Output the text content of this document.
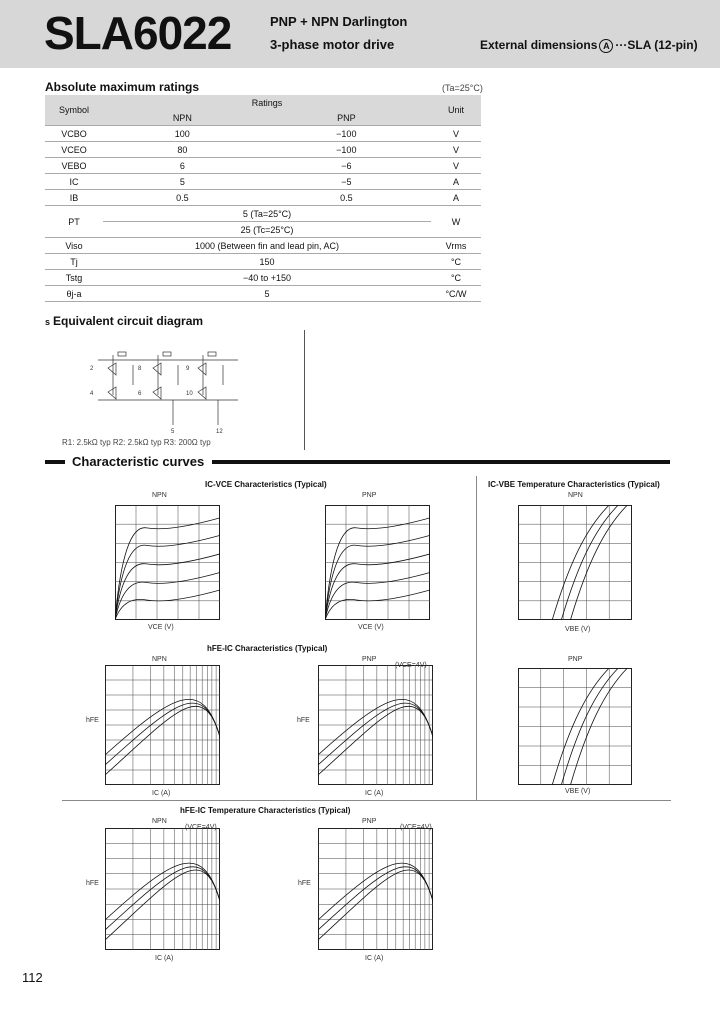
SLA6022	PNP + NPN Darlington
3-phase motor drive	External dimensions A ···SLA (12-pin)
Absolute maximum ratings	(Ta=25°C)
Symbol	Ratings		Unit
	NPN	PNP	
VCBO	100	−100	V
VCEO	80	−100	V
VEBO	6	−6	V
IC	5	−5	A
IB	0.5	0.5	A
PT	5 (Ta=25°C)		W
	25 (Tc=25°C)		
Viso	1000 (Between fin and lead pin, AC)		Vrms
Tj	150		°C
Tstg	−40 to +150		°C
θj-a	5		°C/W
s Equivalent circuit diagram
2	8	9
4	6	10
5	12
R1: 2.5kΩ typ R2: 2.5kΩ typ R3: 200Ω typ
Characteristic curves
IC-VCE Characteristics (Typical)	IC-VBE Temperature Characteristics (Typical)
hFE-IC Characteristics (Typical)
hFE-IC Temperature Characteristics (Typical)
NPN	PNP	NPN
NPN	PNP	PNP
NPN	PNP
VCE (V)	VCE (V)	VBE (V)
IC (A)	IC (A)	VBE (V)
IC (A)	IC (A)
(VCE=4V)
(VCE=4V)	(VCE=4V)
hFE	hFE
hFE	hFE
112
